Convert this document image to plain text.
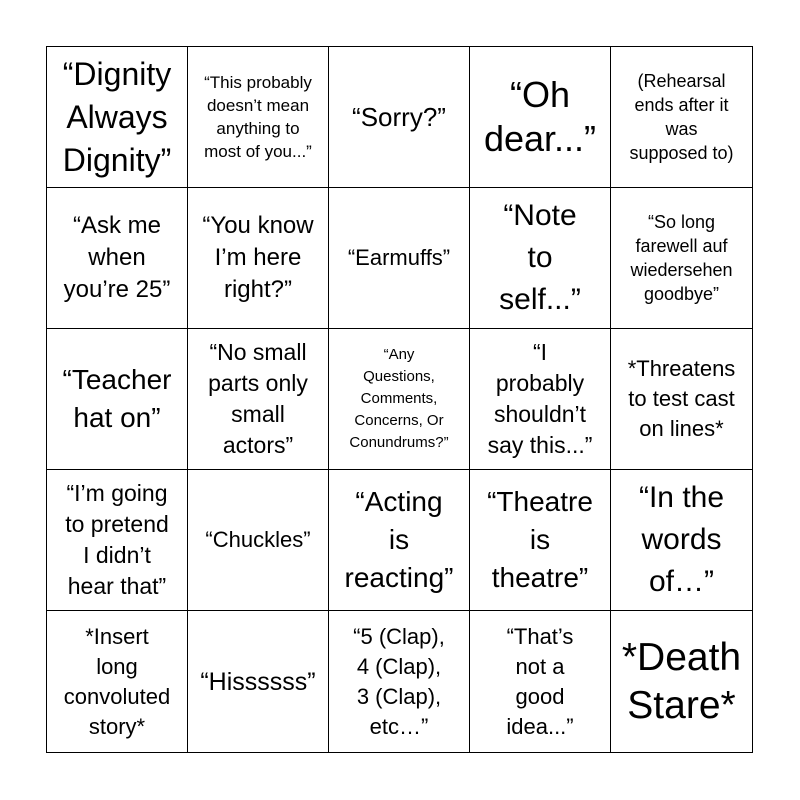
“Dignity
Always
Dignity”
“This probably
doesn’t mean
anything to
most of you...”
“Sorry?”
“Oh
dear...”
(Rehearsal
ends after it
was
supposed to)
“Ask me
when
you’re 25”
“You know
I’m here
right?”
“Earmuffs”
“Note
to
self...”
“So long
farewell auf
wiedersehen
goodbye”
“Teacher
hat on”
“No small
parts only
small
actors”
“Any
Questions,
Comments,
Concerns, Or
Conundrums?”
“I
probably
shouldn’t
say this...”
*Threatens
to test cast
on lines*
“I’m going
to pretend
I didn’t
hear that”
“Chuckles”
“Acting
is
reacting”
“Theatre
is
theatre”
“In the
words
of…”
*Insert
long
convoluted
story*
“Hissssss”
“5 (Clap),
4 (Clap),
3 (Clap),
etc…”
“That’s
not a
good
idea...”
*Death
Stare*
